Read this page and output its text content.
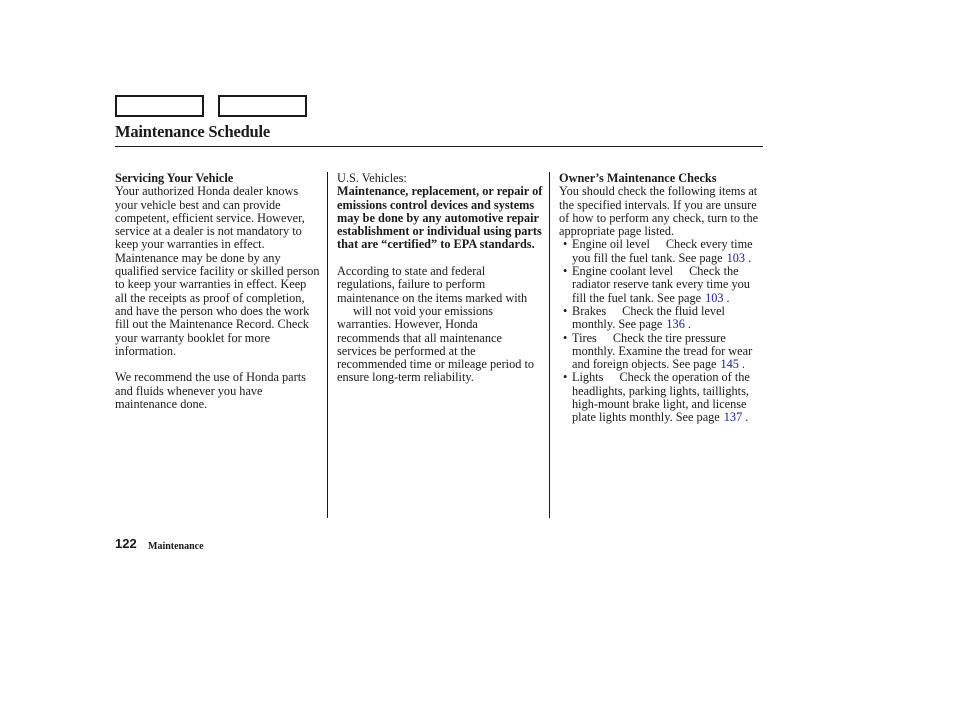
Maintenance Schedule
Servicing Your Vehicle

Your authorized Honda dealer knows your vehicle best and can provide competent, efficient service. However, service at a dealer is not mandatory to keep your warranties in effect. Maintenance may be done by any qualified service facility or skilled person to keep your warranties in effect. Keep all the receipts as proof of completion, and have the person who does the work fill out the Maintenance Record. Check your warranty booklet for more information.

We recommend the use of Honda parts and fluids whenever you have maintenance done.

U.S. Vehicles:

Maintenance, replacement, or repair of emissions control devices and systems may be done by any automotive repair establishment or individual using parts that are “certified” to EPA standards.

According to state and federal regulations, failure to perform maintenance on the items marked withwill not void your emissions warranties. However, Honda recommends that all maintenance services be performed at the recommended time or mileage period to ensure long-term reliability.

Owner’s Maintenance Checks

You should check the following items at the specified intervals. If you are unsure of how to perform any check, turn to the appropriate page listed.

• Engine oil level Check every time you fill the fuel tank. See page 103 .

• Engine coolant level Check the radiator reserve tank every time you fill the fuel tank. See page 103 .

• Brakes Check the fluid level monthly. See page 136 .

• Tires Check the tire pressure monthly. Examine the tread for wear and foreign objects. See page 145 .

• Lights Check the operation of the headlights, parking lights, taillights, high-mount brake light, and license plate lights monthly. See page 137 .

122 Maintenance
